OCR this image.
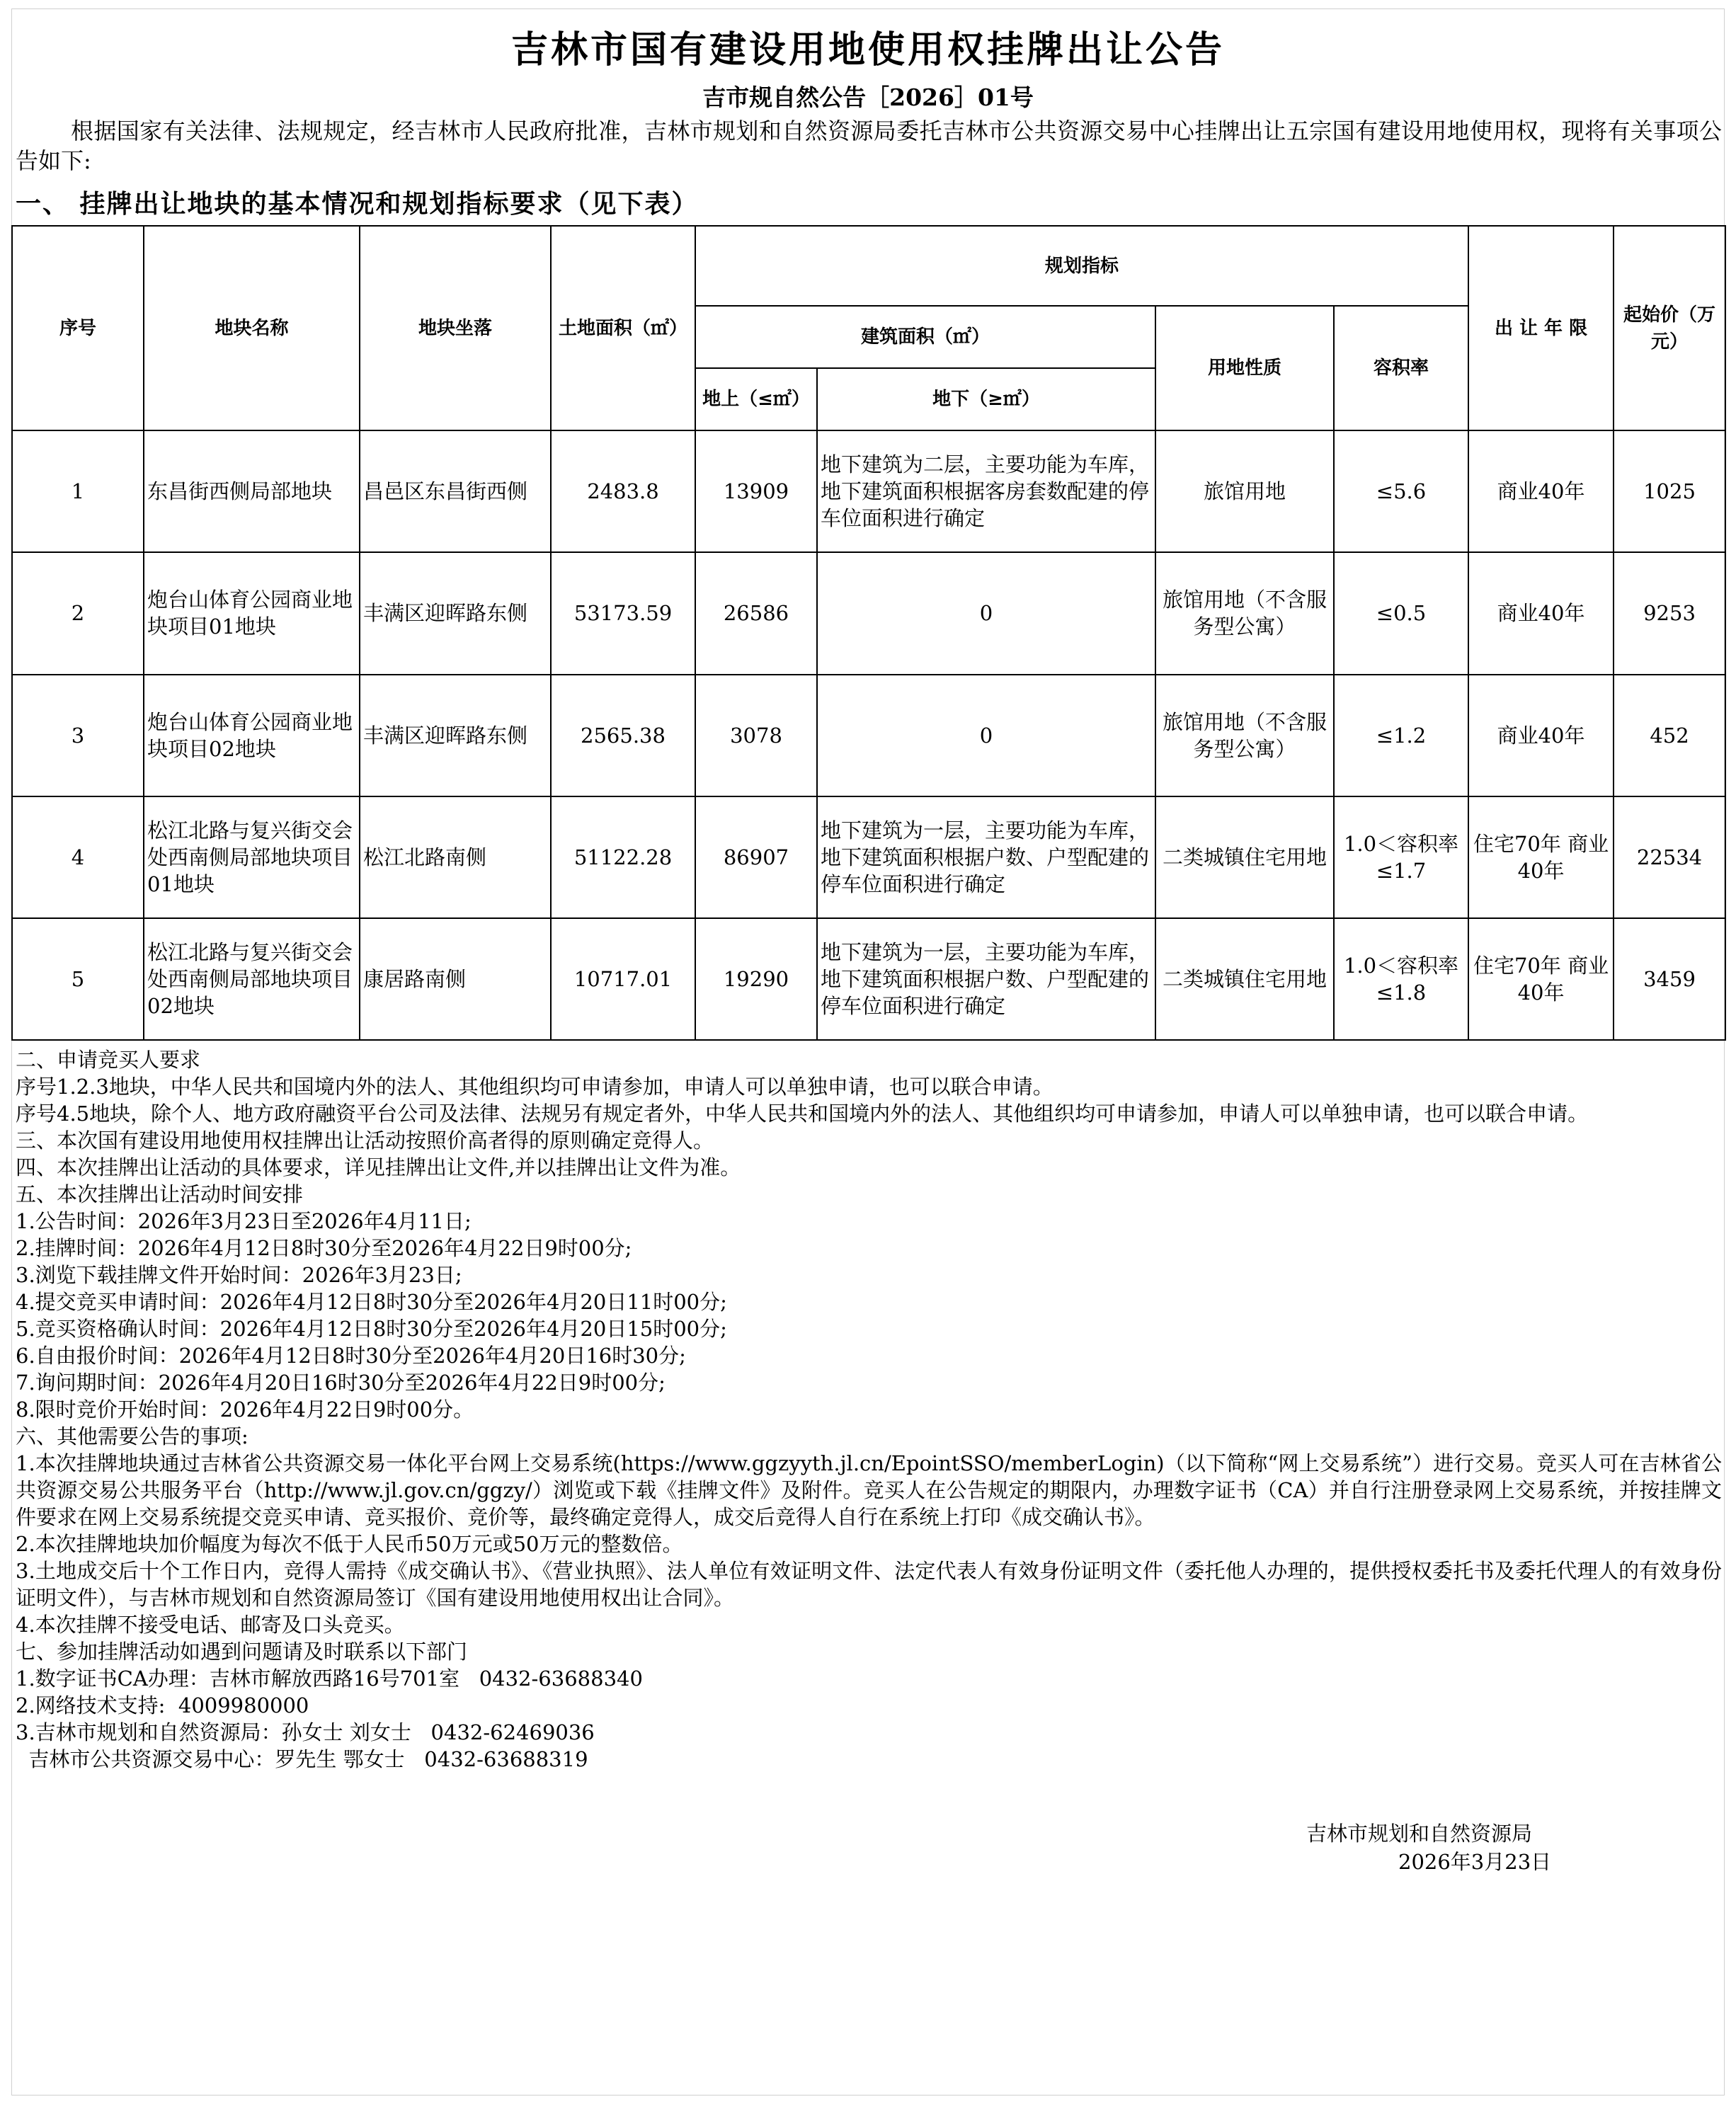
吉林市国有建设用地使用权挂牌出让公告
吉市规自然公告［2026］01号
根据国家有关法律、法规规定，经吉林市人民政府批准，吉林市规划和自然资源局委托吉林市公共资源交易中心挂牌出让五宗国有建设用地使用权，现将有关事项公告如下:
一、 挂牌出让地块的基本情况和规划指标要求（见下表）
序号	地块名称	地块坐落	土地面积（㎡）	规划指标				出 让 年 限	起始价（万元）
				建筑面积（㎡）		用地性质	容积率		
				地上（≤㎡）	地下（≥㎡）				
1	东昌街西侧局部地块	昌邑区东昌街西侧	2483.8	13909	地下建筑为二层，主要功能为车库，地下建筑面积根据客房套数配建的停车位面积进行确定	旅馆用地	≤5.6	商业40年	1025
2	炮台山体育公园商业地块项目01地块	丰满区迎晖路东侧	53173.59	26586	0	旅馆用地（不含服务型公寓）	≤0.5	商业40年	9253
3	炮台山体育公园商业地块项目02地块	丰满区迎晖路东侧	2565.38	3078	0	旅馆用地（不含服务型公寓）	≤1.2	商业40年	452
4	松江北路与复兴街交会处西南侧局部地块项目01地块	松江北路南侧	51122.28	86907	地下建筑为一层，主要功能为车库，地下建筑面积根据户数、户型配建的停车位面积进行确定	二类城镇住宅用地	1.0＜容积率≤1.7	住宅70年 商业40年	22534
5	松江北路与复兴街交会处西南侧局部地块项目02地块	康居路南侧	10717.01	19290	地下建筑为一层，主要功能为车库，地下建筑面积根据户数、户型配建的停车位面积进行确定	二类城镇住宅用地	1.0＜容积率≤1.8	住宅70年 商业40年	3459
二、申请竞买人要求
序号1.2.3地块，中华人民共和国境内外的法人、其他组织均可申请参加，申请人可以单独申请，也可以联合申请。
序号4.5地块，除个人、地方政府融资平台公司及法律、法规另有规定者外，中华人民共和国境内外的法人、其他组织均可申请参加，申请人可以单独申请，也可以联合申请。
三、本次国有建设用地使用权挂牌出让活动按照价高者得的原则确定竞得人。
四、本次挂牌出让活动的具体要求，详见挂牌出让文件,并以挂牌出让文件为准。
五、本次挂牌出让活动时间安排
1.公告时间：2026年3月23日至2026年4月11日;
2.挂牌时间：2026年4月12日8时30分至2026年4月22日9时00分;
3.浏览下载挂牌文件开始时间：2026年3月23日;
4.提交竞买申请时间：2026年4月12日8时30分至2026年4月20日11时00分;
5.竞买资格确认时间：2026年4月12日8时30分至2026年4月20日15时00分;
6.自由报价时间：2026年4月12日8时30分至2026年4月20日16时30分;
7.询问期时间：2026年4月20日16时30分至2026年4月22日9时00分;
8.限时竞价开始时间：2026年4月22日9时00分。
六、其他需要公告的事项:
1.本次挂牌地块通过吉林省公共资源交易一体化平台网上交易系统(https://www.ggzyyth.jl.cn/EpointSSO/memberLogin)（以下简称“网上交易系统”）进行交易。竞买人可在吉林省公共资源交易公共服务平台（http://www.jl.gov.cn/ggzy/）浏览或下载《挂牌文件》及附件。竞买人在公告规定的期限内，办理数字证书（CA）并自行注册登录网上交易系统，并按挂牌文件要求在网上交易系统提交竞买申请、竞买报价、竞价等，最终确定竞得人，成交后竞得人自行在系统上打印《成交确认书》。
2.本次挂牌地块加价幅度为每次不低于人民币50万元或50万元的整数倍。
3.土地成交后十个工作日内，竞得人需持《成交确认书》、《营业执照》、法人单位有效证明文件、法定代表人有效身份证明文件（委托他人办理的，提供授权委托书及委托代理人的有效身份证明文件），与吉林市规划和自然资源局签订《国有建设用地使用权出让合同》。
4.本次挂牌不接受电话、邮寄及口头竞买。
七、参加挂牌活动如遇到问题请及时联系以下部门
1.数字证书CA办理：吉林市解放西路16号701室   0432-63688340
2.网络技术支持:  4009980000
3.吉林市规划和自然资源局：孙女士 刘女士   0432-62469036
吉林市公共资源交易中心：罗先生 鄂女士   0432-63688319
吉林市规划和自然资源局
2026年3月23日
